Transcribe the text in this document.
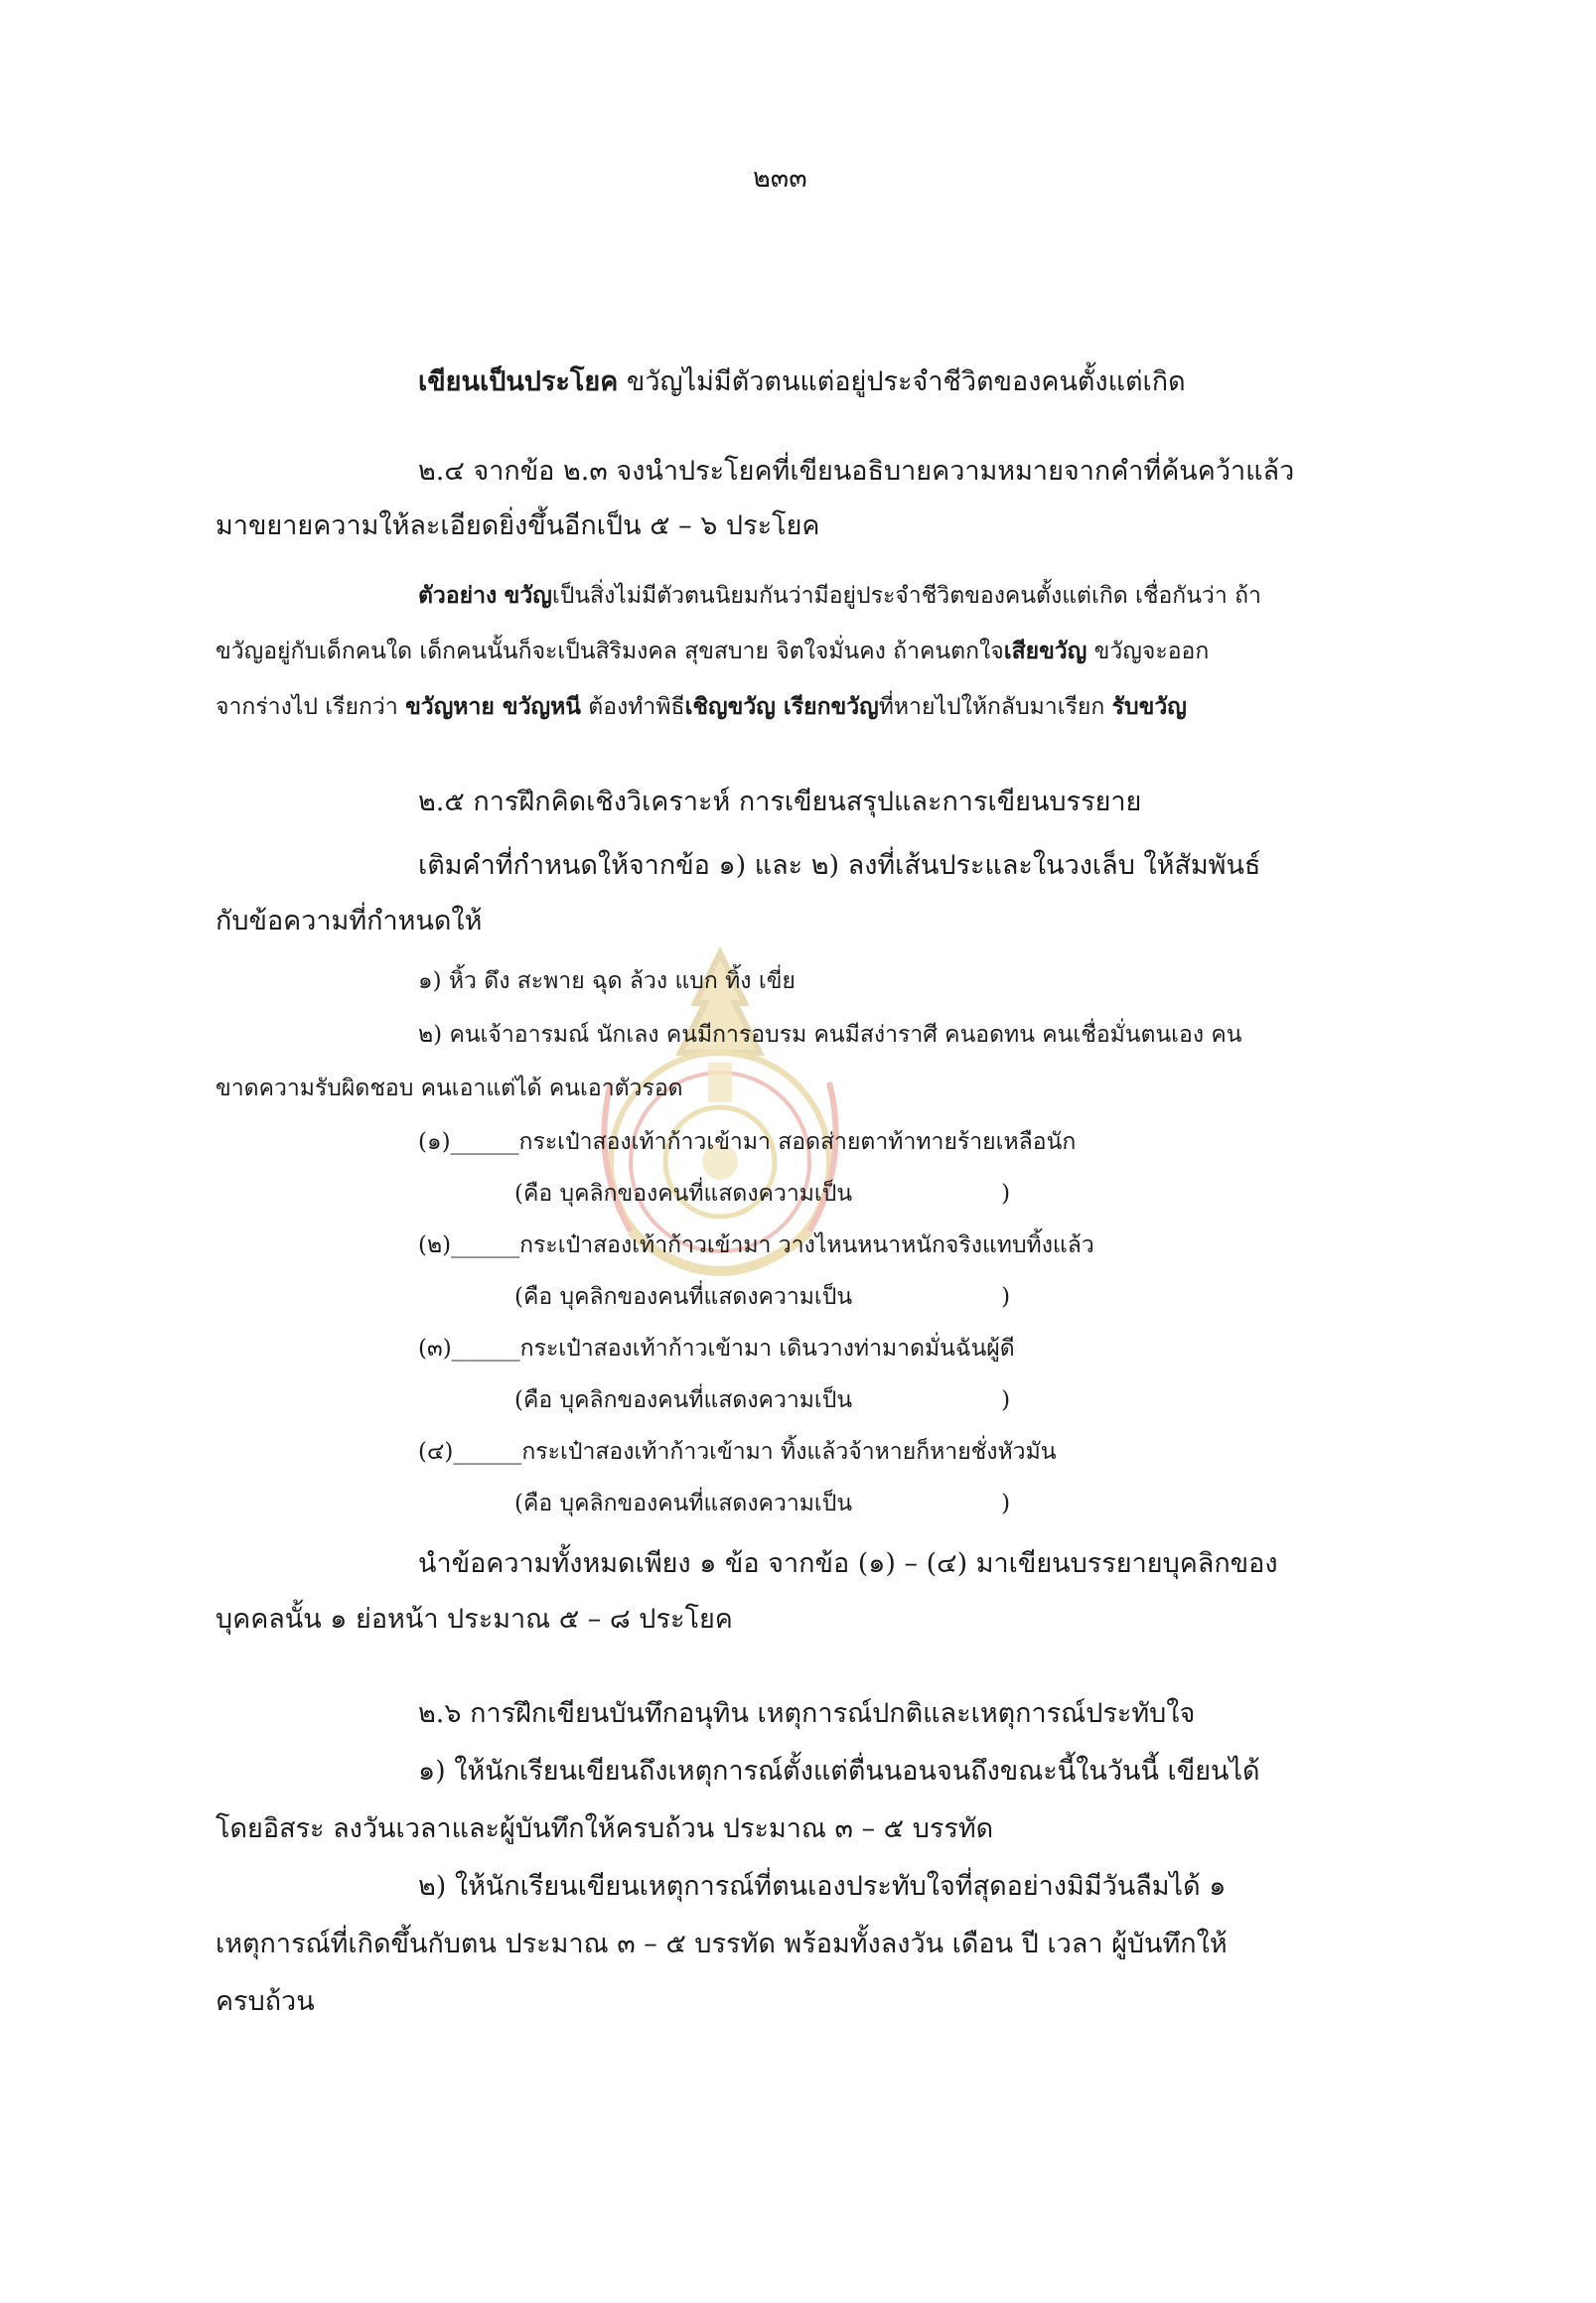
๒๓๓
เขียนเป็นประโยค ขวัญไม่มีตัวตนแต่อยู่ประจำชีวิตของคนตั้งแต่เกิด
๒.๔ จากข้อ ๒.๓ จงนำประโยคที่เขียนอธิบายความหมายจากคำที่ค้นคว้าแล้ว
มาขยายความให้ละเอียดยิ่งขึ้นอีกเป็น ๕ – ๖ ประโยค
ตัวอย่าง ขวัญเป็นสิ่งไม่มีตัวตนนิยมกันว่ามีอยู่ประจำชีวิตของคนตั้งแต่เกิด เชื่อกันว่า ถ้า
ขวัญอยู่กับเด็กคนใด เด็กคนนั้นก็จะเป็นสิริมงคล สุขสบาย จิตใจมั่นคง ถ้าคนตกใจเสียขวัญ ขวัญจะออก
จากร่างไป เรียกว่า ขวัญหาย ขวัญหนี ต้องทำพิธีเชิญขวัญ เรียกขวัญที่หายไปให้กลับมาเรียก รับขวัญ
๒.๕ การฝึกคิดเชิงวิเคราะห์ การเขียนสรุปและการเขียนบรรยาย
เติมคำที่กำหนดให้จากข้อ ๑) และ ๒) ลงที่เส้นประและในวงเล็บ ให้สัมพันธ์
กับข้อความที่กำหนดให้
๑) หิ้ว ดึง สะพาย ฉุด ล้วง แบก ทิ้ง เขี่ย
๒) คนเจ้าอารมณ์ นักเลง คนมีการอบรม คนมีสง่าราศี คนอดทน คนเชื่อมั่นตนเอง คน
ขาดความรับผิดชอบ คนเอาแต่ได้ คนเอาตัวรอด
(๑)______กระเป๋าสองเท้าก้าวเข้ามา สอดส่ายตาท้าทายร้ายเหลือนัก
(คือ บุคลิกของคนที่แสดงความเป็น	)
(๒)______กระเป๋าสองเท้าก้าวเข้ามา วางไหนหนาหนักจริงแทบทิ้งแล้ว
(คือ บุคลิกของคนที่แสดงความเป็น	)
(๓)______กระเป๋าสองเท้าก้าวเข้ามา เดินวางท่ามาดมั่นฉันผู้ดี
(คือ บุคลิกของคนที่แสดงความเป็น	)
(๔)______กระเป๋าสองเท้าก้าวเข้ามา ทิ้งแล้วจ้าหายก็หายชั่งหัวมัน
(คือ บุคลิกของคนที่แสดงความเป็น	)
นำข้อความทั้งหมดเพียง ๑ ข้อ จากข้อ (๑) – (๔) มาเขียนบรรยายบุคลิกของ
บุคคลนั้น ๑ ย่อหน้า ประมาณ ๕ – ๘ ประโยค
๒.๖ การฝึกเขียนบันทึกอนุทิน เหตุการณ์ปกติและเหตุการณ์ประทับใจ
๑) ให้นักเรียนเขียนถึงเหตุการณ์ตั้งแต่ตื่นนอนจนถึงขณะนี้ในวันนี้ เขียนได้
โดยอิสระ ลงวันเวลาและผู้บันทึกให้ครบถ้วน ประมาณ ๓ – ๕ บรรทัด
๒) ให้นักเรียนเขียนเหตุการณ์ที่ตนเองประทับใจที่สุดอย่างมิมีวันลืมได้ ๑
เหตุการณ์ที่เกิดขึ้นกับตน ประมาณ ๓ – ๕ บรรทัด พร้อมทั้งลงวัน เดือน ปี เวลา ผู้บันทึกให้
ครบถ้วน
